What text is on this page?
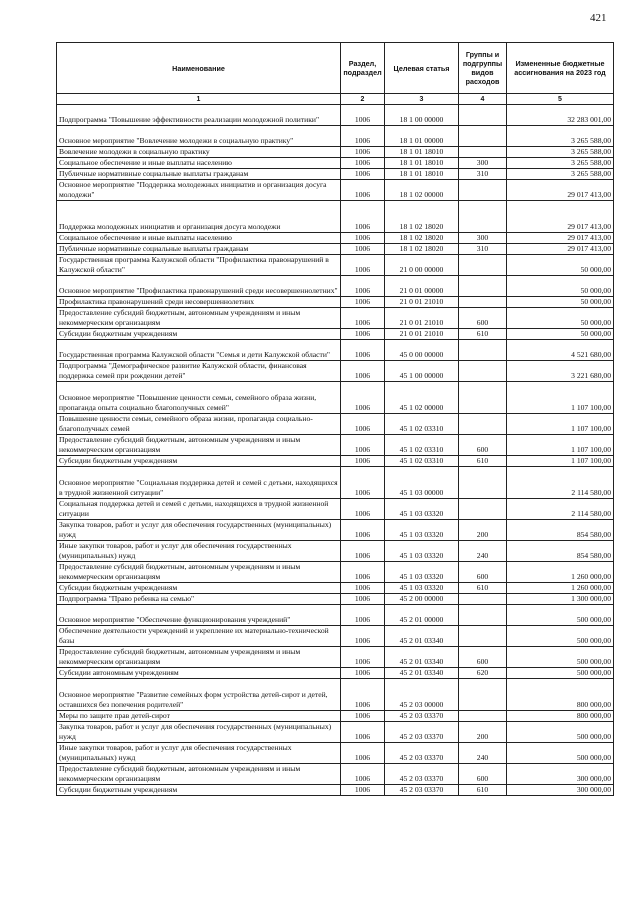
421
Наименование	Раздел, подраздел	Целевая статья	Группы и подгруппы видов расходов	Измененные бюджетные ассигнования на 2023 год
1	2	3	4	5
Подпрограмма "Повышение эффективности реализации молодежной политики"	1006	18 1 00 00000		32 283 001,00
Основное мероприятие "Вовлечение молодежи в социальную практику"	1006	18 1 01 00000		3 265 588,00
Вовлечение молодежи в социальную практику	1006	18 1 01 18010		3 265 588,00
Социальное обеспечение и иные выплаты населению	1006	18 1 01 18010	300	3 265 588,00
Публичные нормативные социальные выплаты гражданам	1006	18 1 01 18010	310	3 265 588,00
Основное мероприятие "Поддержка молодежных инициатив и организация досуга молодежи"	1006	18 1 02 00000		29 017 413,00
Поддержка молодежных инициатив и организация досуга молодежи	1006	18 1 02 18020		29 017 413,00
Социальное обеспечение и иные выплаты населению	1006	18 1 02 18020	300	29 017 413,00
Публичные нормативные социальные выплаты гражданам	1006	18 1 02 18020	310	29 017 413,00
Государственная программа Калужской области "Профилактика правонарушений в Калужской области"	1006	21 0 00 00000		50 000,00
Основное мероприятие "Профилактика правонарушений среди несовершеннолетних"	1006	21 0 01 00000		50 000,00
Профилактика правонарушений среди несовершеннолетних	1006	21 0 01 21010		50 000,00
Предоставление субсидий бюджетным, автономным учреждениям и иным некоммерческим организациям	1006	21 0 01 21010	600	50 000,00
Субсидии бюджетным учреждениям	1006	21 0 01 21010	610	50 000,00
Государственная программа Калужской области "Семья и дети Калужской области"	1006	45 0 00 00000		4 521 680,00
Подпрограмма "Демографическое развитие Калужской области, финансовая поддержка семей при рождении детей"	1006	45 1 00 00000		3 221 680,00
Основное мероприятие "Повышение ценности семьи, семейного образа жизни, пропаганда опыта социально благополучных семей"	1006	45 1 02 00000		1 107 100,00
Повышение ценности семьи, семейного образа жизни, пропаганда социально-благополучных семей	1006	45 1 02 03310		1 107 100,00
Предоставление субсидий бюджетным, автономным учреждениям и иным некоммерческим организациям	1006	45 1 02 03310	600	1 107 100,00
Субсидии бюджетным учреждениям	1006	45 1 02 03310	610	1 107 100,00
Основное мероприятие "Социальная поддержка детей и семей с детьми, находящихся в трудной жизненной ситуации"	1006	45 1 03 00000		2 114 580,00
Социальная поддержка детей и семей с детьми, находящихся в трудной жизненной ситуации	1006	45 1 03 03320		2 114 580,00
Закупка товаров, работ и услуг для обеспечения государственных (муниципальных) нужд	1006	45 1 03 03320	200	854 580,00
Иные закупки товаров, работ и услуг для обеспечения государственных (муниципальных) нужд	1006	45 1 03 03320	240	854 580,00
Предоставление субсидий бюджетным, автономным учреждениям и иным некоммерческим организациям	1006	45 1 03 03320	600	1 260 000,00
Субсидии бюджетным учреждениям	1006	45 1 03 03320	610	1 260 000,00
Подпрограмма "Право ребенка на семью"	1006	45 2 00 00000		1 300 000,00
Основное мероприятие "Обеспечение функционирования учреждений"	1006	45 2 01 00000		500 000,00
Обеспечение деятельности учреждений и укрепление их материально-технической базы	1006	45 2 01 03340		500 000,00
Предоставление субсидий бюджетным, автономным учреждениям и иным некоммерческим организациям	1006	45 2 01 03340	600	500 000,00
Субсидии автономным учреждениям	1006	45 2 01 03340	620	500 000,00
Основное мероприятие "Развитие семейных форм устройства детей-сирот и детей, оставшихся без попечения родителей"	1006	45 2 03 00000		800 000,00
Меры по защите прав детей-сирот	1006	45 2 03 03370		800 000,00
Закупка товаров, работ и услуг для обеспечения государственных (муниципальных) нужд	1006	45 2 03 03370	200	500 000,00
Иные закупки товаров, работ и услуг для обеспечения государственных (муниципальных) нужд	1006	45 2 03 03370	240	500 000,00
Предоставление субсидий бюджетным, автономным учреждениям и иным некоммерческим организациям	1006	45 2 03 03370	600	300 000,00
Субсидии бюджетным учреждениям	1006	45 2 03 03370	610	300 000,00
